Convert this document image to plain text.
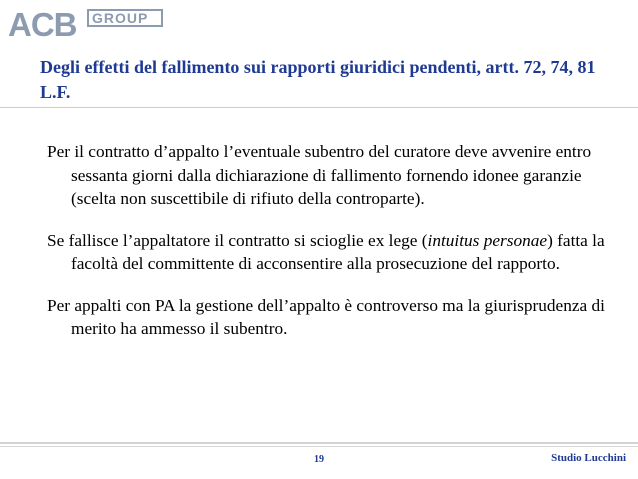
ACB GROUP
Degli effetti del fallimento sui rapporti giuridici pendenti, artt. 72, 74, 81 L.F.

Per il contratto d’appalto l’eventuale subentro del curatore deve avvenire entro sessanta giorni dalla dichiarazione di fallimento fornendo idonee garanzie (scelta non suscettibile di rifiuto della controparte).

Se fallisce l’appaltatore il contratto si scioglie ex lege (intuitus personae) fatta la facoltà del committente di acconsentire alla prosecuzione del rapporto.

Per appalti con PA la gestione dell’appalto è controverso ma la giurisprudenza di merito ha ammesso il subentro.

19	Studio Lucchini
